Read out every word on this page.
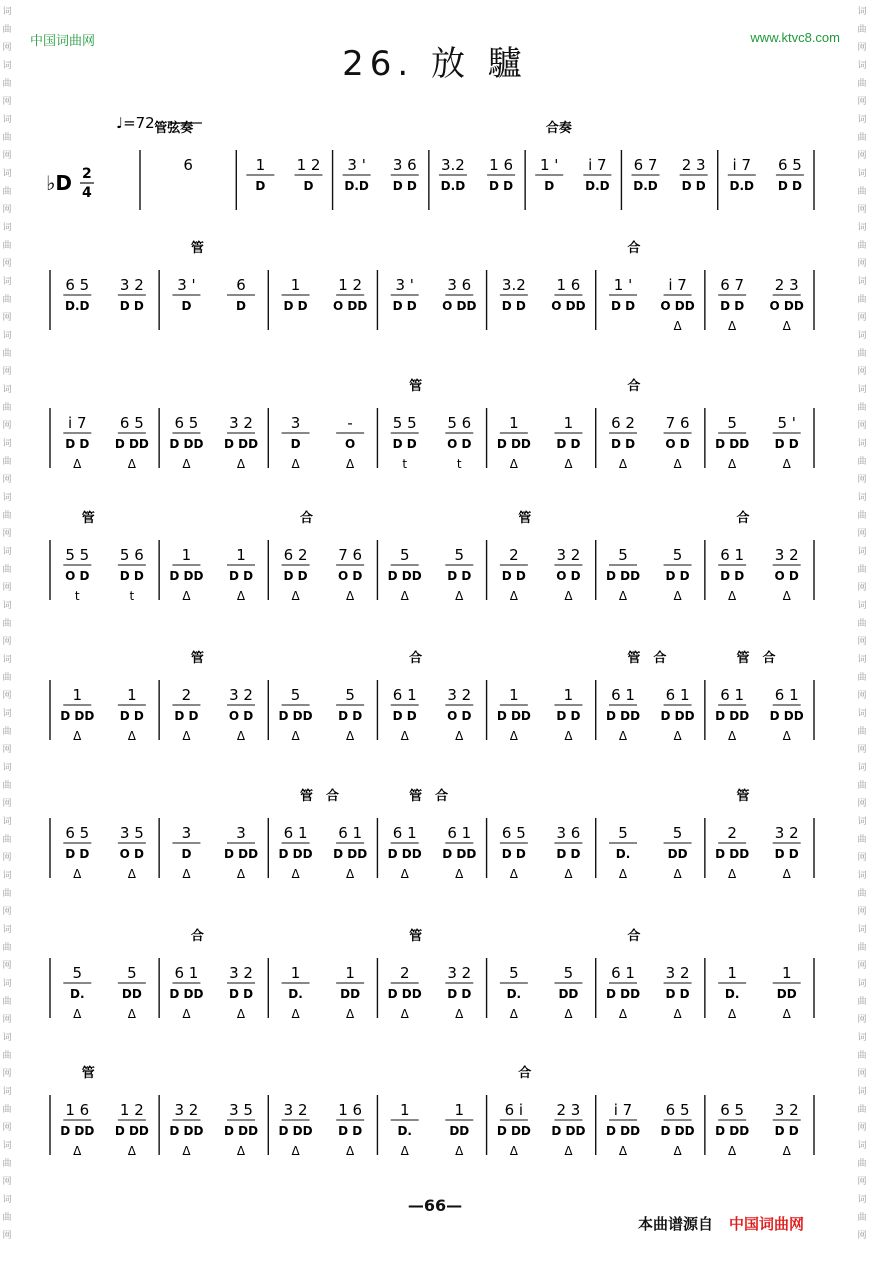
中国词曲网	www.ktvc8.com
26. 放 驢
♩=72
♭D 2
4
管弦奏	合奏
6	1
D
1 2
D
3 '
D.D
3 6
D D
3.2
D.D
1 6
D D
1 '
D
i 7
D.D
6 7
D.D
2 3
D D
i 7
D.D
6 5
D D
管	合
6 5
D.D
3 2
D D
3 '
D
6
D
1
D D
1 2
O DD
3 '
D D
3 6
O DD
3.2
D D
1 6
O DD
1 '
D D
i 7
O DD
Δ
6 7
D D
Δ
2 3
O DD
Δ
管	合
i 7
D D
Δ
6 5
D DD
Δ
6 5
D DD
Δ
3 2
D DD
Δ
3
D
Δ
-
O
Δ
5 5
D D
t
5 6
O D
t
1
D DD
Δ
1
D D
Δ
6 2
D D
Δ
7 6
O D
Δ
5
D DD
Δ
5 '
D D
Δ
管	合	管	合
5 5
O D
t
5 6
D D
t
1
D DD
Δ
1
D D
Δ
6 2
D D
Δ
7 6
O D
Δ
5
D DD
Δ
5
D D
Δ
2
D D
Δ
3 2
O D
Δ
5
D DD
Δ
5
D D
Δ
6 1
D D
Δ
3 2
O D
Δ
管	合	管 合	管 合
1
D DD
Δ
1
D D
Δ
2
D D
Δ
3 2
O D
Δ
5
D DD
Δ
5
D D
Δ
6 1
D D
Δ
3 2
O D
Δ
1
D DD
Δ
1
D D
Δ
6 1
D DD
Δ
6 1
D DD
Δ
6 1
D DD
Δ
6 1
D DD
Δ
管 合	管 合	管
6 5
D D
Δ
3 5
O D
Δ
3
D
Δ
3
D DD
Δ
6 1
D DD
Δ
6 1
D DD
Δ
6 1
D DD
Δ
6 1
D DD
Δ
6 5
D D
Δ
3 6
D D
Δ
5
D.
Δ
5
DD
Δ
2
D DD
Δ
3 2
D D
Δ
合	管	合
5
D.
Δ
5
DD
Δ
6 1
D DD
Δ
3 2
D D
Δ
1
D.
Δ
1
DD
Δ
2
D DD
Δ
3 2
D D
Δ
5
D.
Δ
5
DD
Δ
6 1
D DD
Δ
3 2
D D
Δ
1
D.
Δ
1
DD
Δ
管	合
1 6
D DD
Δ
1 2
D DD
Δ
3 2
D DD
Δ
3 5
D DD
Δ
3 2
D DD
Δ
1 6
D D
Δ
1
D.
Δ
1
DD
Δ
6 i
D DD
Δ
2 3
D DD
Δ
i 7
D DD
Δ
6 5
D DD
Δ
6 5
D DD
Δ
3 2
D D
Δ
词
曲
网
词
曲
网
词
曲
网
词
曲
网
词
曲
网
词
曲
网
词
曲
网
词
曲
网
词
曲
网
词
曲
网
词
曲
网
词
曲
网
词
曲
网
词
曲
网
词
曲
网
词
曲
网
词
曲
网
词
曲
网
词
曲
网
词
曲
网
词
曲
网
词
曲
网
词
曲
网
词
曲
网
词
曲
网
词
曲
网
词
曲
网
词
曲
网
词
曲
网
词
曲
网
词
曲
网
词
曲
网
词
曲
网
词
曲
网
词
曲
网
词
曲
网
词
曲
网
词
曲
网
词
曲
网
词
曲
网
词
曲
网
词
曲
网
词
曲
网
词
曲
网
词
曲
网
词
曲
网
—66—
本曲谱源自 中国词曲网
